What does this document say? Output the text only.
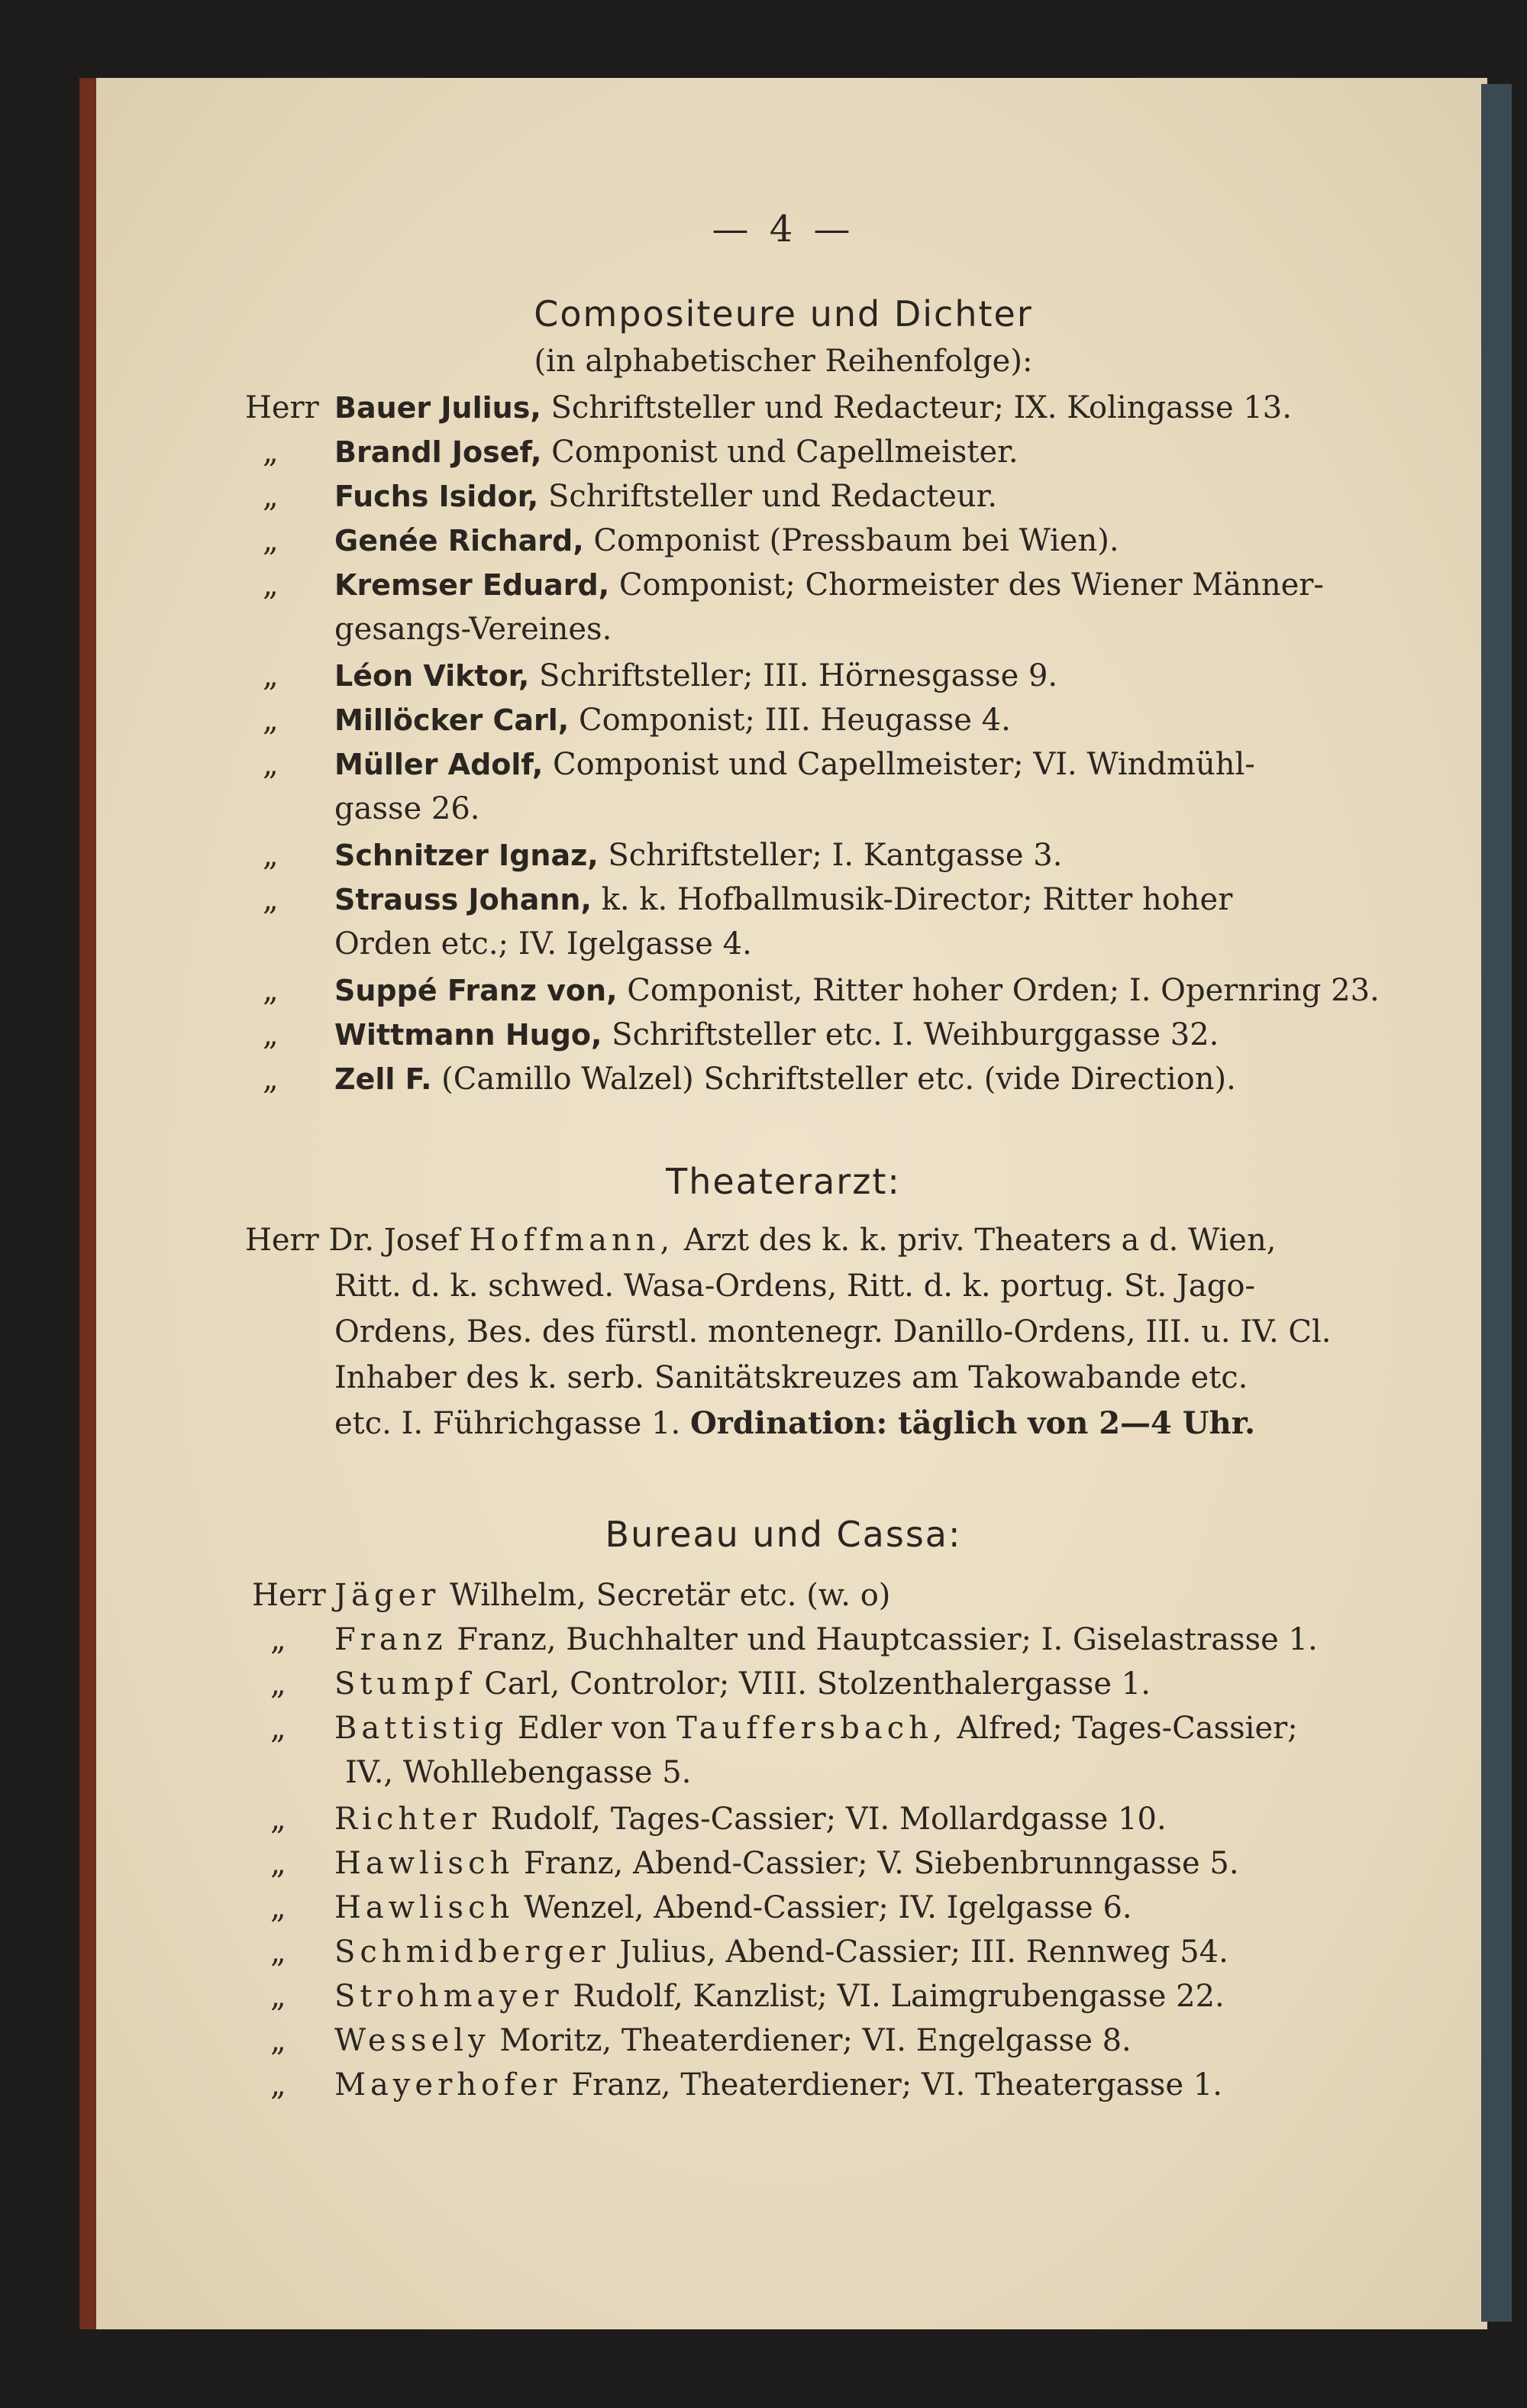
— 4 —
Compositeure und Dichter
(in alphabetischer Reihenfolge):
Herr Bauer Julius, Schriftsteller und Redacteur; IX. Kolingasse 13.
„	Brandl Josef, Componist und Capellmeister.
„	Fuchs Isidor, Schriftsteller und Redacteur.
„	Genée Richard, Componist (Pressbaum bei Wien).
„	Kremser Eduard, Componist; Chormeister des Wiener Männer-
gesangs-Vereines.
„	Léon Viktor, Schriftsteller; III. Hörnesgasse 9.
„	Millöcker Carl, Componist; III. Heugasse 4.
„	Müller Adolf, Componist und Capellmeister; VI. Windmühl-
gasse 26.
„	Schnitzer Ignaz, Schriftsteller; I. Kantgasse 3.
„	Strauss Johann, k. k. Hofballmusik-Director; Ritter hoher
Orden etc.; IV. Igelgasse 4.
„	Suppé Franz von, Componist, Ritter hoher Orden; I. Opernring 23.
„	Wittmann Hugo, Schriftsteller etc. I. Weihburggasse 32.
„	Zell F. (Camillo Walzel) Schriftsteller etc. (vide Direction).
Theaterarzt:
Herr Dr. Josef Hoffmann, Arzt des k. k. priv. Theaters a d. Wien,
Ritt. d. k. schwed. Wasa-Ordens, Ritt. d. k. portug. St. Jago-
Ordens, Bes. des fürstl. montenegr. Danillo-Ordens, III. u. IV. Cl.
Inhaber des k. serb. Sanitätskreuzes am Takowabande etc.
etc. I. Führichgasse 1. Ordination: täglich von 2—4 Uhr.
Bureau und Cassa:
Herr Jäger Wilhelm, Secretär etc. (w. o)
„	Franz Franz, Buchhalter und Hauptcassier; I. Giselastrasse 1.
„	Stumpf Carl, Controlor; VIII. Stolzenthalergasse 1.
„	Battistig Edler von Tauffersbach, Alfred; Tages-Cassier;
IV., Wohllebengasse 5.
„	Richter Rudolf, Tages-Cassier; VI. Mollardgasse 10.
„	Hawlisch Franz, Abend-Cassier; V. Siebenbrunngasse 5.
„	Hawlisch Wenzel, Abend-Cassier; IV. Igelgasse 6.
„	Schmidberger Julius, Abend-Cassier; III. Rennweg 54.
„	Strohmayer Rudolf, Kanzlist; VI. Laimgrubengasse 22.
„	Wessely Moritz, Theaterdiener; VI. Engelgasse 8.
„	Mayerhofer Franz, Theaterdiener; VI. Theatergasse 1.
